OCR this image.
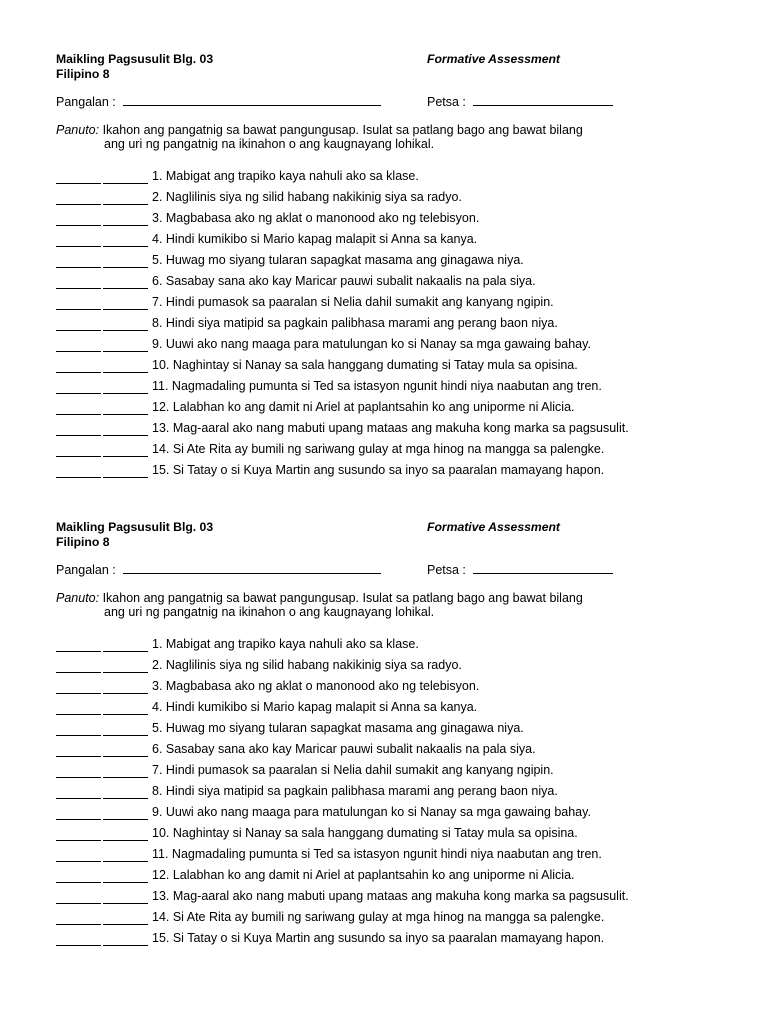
Maikling Pagsusulit Blg. 03
Filipino 8
Formative Assessment
Pangalan :	Petsa :
Panuto: Ikahon ang pangatnig sa bawat pangungusap. Isulat sa patlang bago ang bawat bilang
ang uri ng pangatnig na ikinahon o ang kaugnayang lohikal.
1. Mabigat ang trapiko kaya nahuli ako sa klase.
2. Naglilinis siya ng silid habang nakikinig siya sa radyo.
3. Magbabasa ako ng aklat o manonood ako ng telebisyon.
4. Hindi kumikibo si Mario kapag malapit si Anna sa kanya.
5. Huwag mo siyang tularan sapagkat masama ang ginagawa niya.
6. Sasabay sana ako kay Maricar pauwi subalit nakaalis na pala siya.
7. Hindi pumasok sa paaralan si Nelia dahil sumakit ang kanyang ngipin.
8. Hindi siya matipid sa pagkain palibhasa marami ang perang baon niya.
9. Uuwi ako nang maaga para matulungan ko si Nanay sa mga gawaing bahay.
10. Naghintay si Nanay sa sala hanggang dumating si Tatay mula sa opisina.
11. Nagmadaling pumunta si Ted sa istasyon ngunit hindi niya naabutan ang tren.
12. Lalabhan ko ang damit ni Ariel at paplantsahin ko ang uniporme ni Alicia.
13. Mag-aaral ako nang mabuti upang mataas ang makuha kong marka sa pagsusulit.
14. Si Ate Rita ay bumili ng sariwang gulay at mga hinog na mangga sa palengke.
15. Si Tatay o si Kuya Martin ang susundo sa inyo sa paaralan mamayang hapon.
Maikling Pagsusulit Blg. 03
Filipino 8
Formative Assessment
Pangalan :	Petsa :
Panuto: Ikahon ang pangatnig sa bawat pangungusap. Isulat sa patlang bago ang bawat bilang
ang uri ng pangatnig na ikinahon o ang kaugnayang lohikal.
1. Mabigat ang trapiko kaya nahuli ako sa klase.
2. Naglilinis siya ng silid habang nakikinig siya sa radyo.
3. Magbabasa ako ng aklat o manonood ako ng telebisyon.
4. Hindi kumikibo si Mario kapag malapit si Anna sa kanya.
5. Huwag mo siyang tularan sapagkat masama ang ginagawa niya.
6. Sasabay sana ako kay Maricar pauwi subalit nakaalis na pala siya.
7. Hindi pumasok sa paaralan si Nelia dahil sumakit ang kanyang ngipin.
8. Hindi siya matipid sa pagkain palibhasa marami ang perang baon niya.
9. Uuwi ako nang maaga para matulungan ko si Nanay sa mga gawaing bahay.
10. Naghintay si Nanay sa sala hanggang dumating si Tatay mula sa opisina.
11. Nagmadaling pumunta si Ted sa istasyon ngunit hindi niya naabutan ang tren.
12. Lalabhan ko ang damit ni Ariel at paplantsahin ko ang uniporme ni Alicia.
13. Mag-aaral ako nang mabuti upang mataas ang makuha kong marka sa pagsusulit.
14. Si Ate Rita ay bumili ng sariwang gulay at mga hinog na mangga sa palengke.
15. Si Tatay o si Kuya Martin ang susundo sa inyo sa paaralan mamayang hapon.
